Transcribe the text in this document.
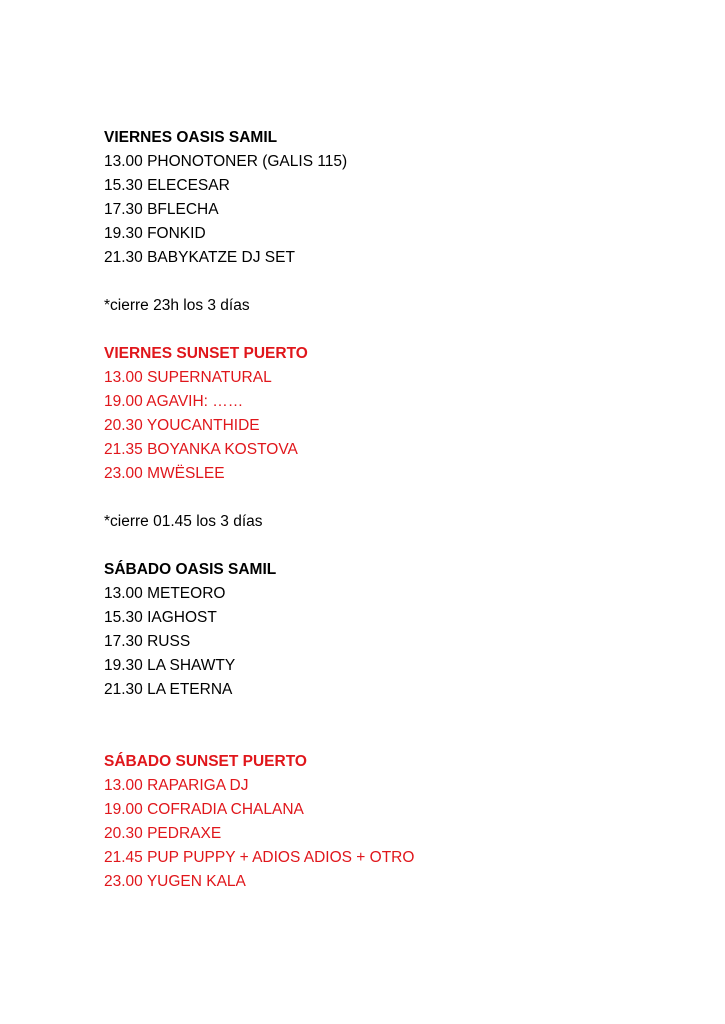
VIERNES OASIS SAMIL
13.00 PHONOTONER (GALIS 115)
15.30 ELECESAR
17.30 BFLECHA
19.30 FONKID
21.30 BABYKATZE DJ SET
*cierre 23h los 3 días
VIERNES SUNSET PUERTO
13.00 SUPERNATURAL
19.00 AGAVIH: ……
20.30 YOUCANTHIDE
21.35 BOYANKA KOSTOVA
23.00 MWËSLEE
*cierre 01.45 los 3 días
SÁBADO OASIS SAMIL
13.00 METEORO
15.30 IAGHOST
17.30 RUSS
19.30 LA SHAWTY
21.30 LA ETERNA
SÁBADO SUNSET PUERTO
13.00 RAPARIGA DJ
19.00 COFRADIA CHALANA
20.30 PEDRAXE
21.45 PUP PUPPY + ADIOS ADIOS + OTRO
23.00 YUGEN KALA
